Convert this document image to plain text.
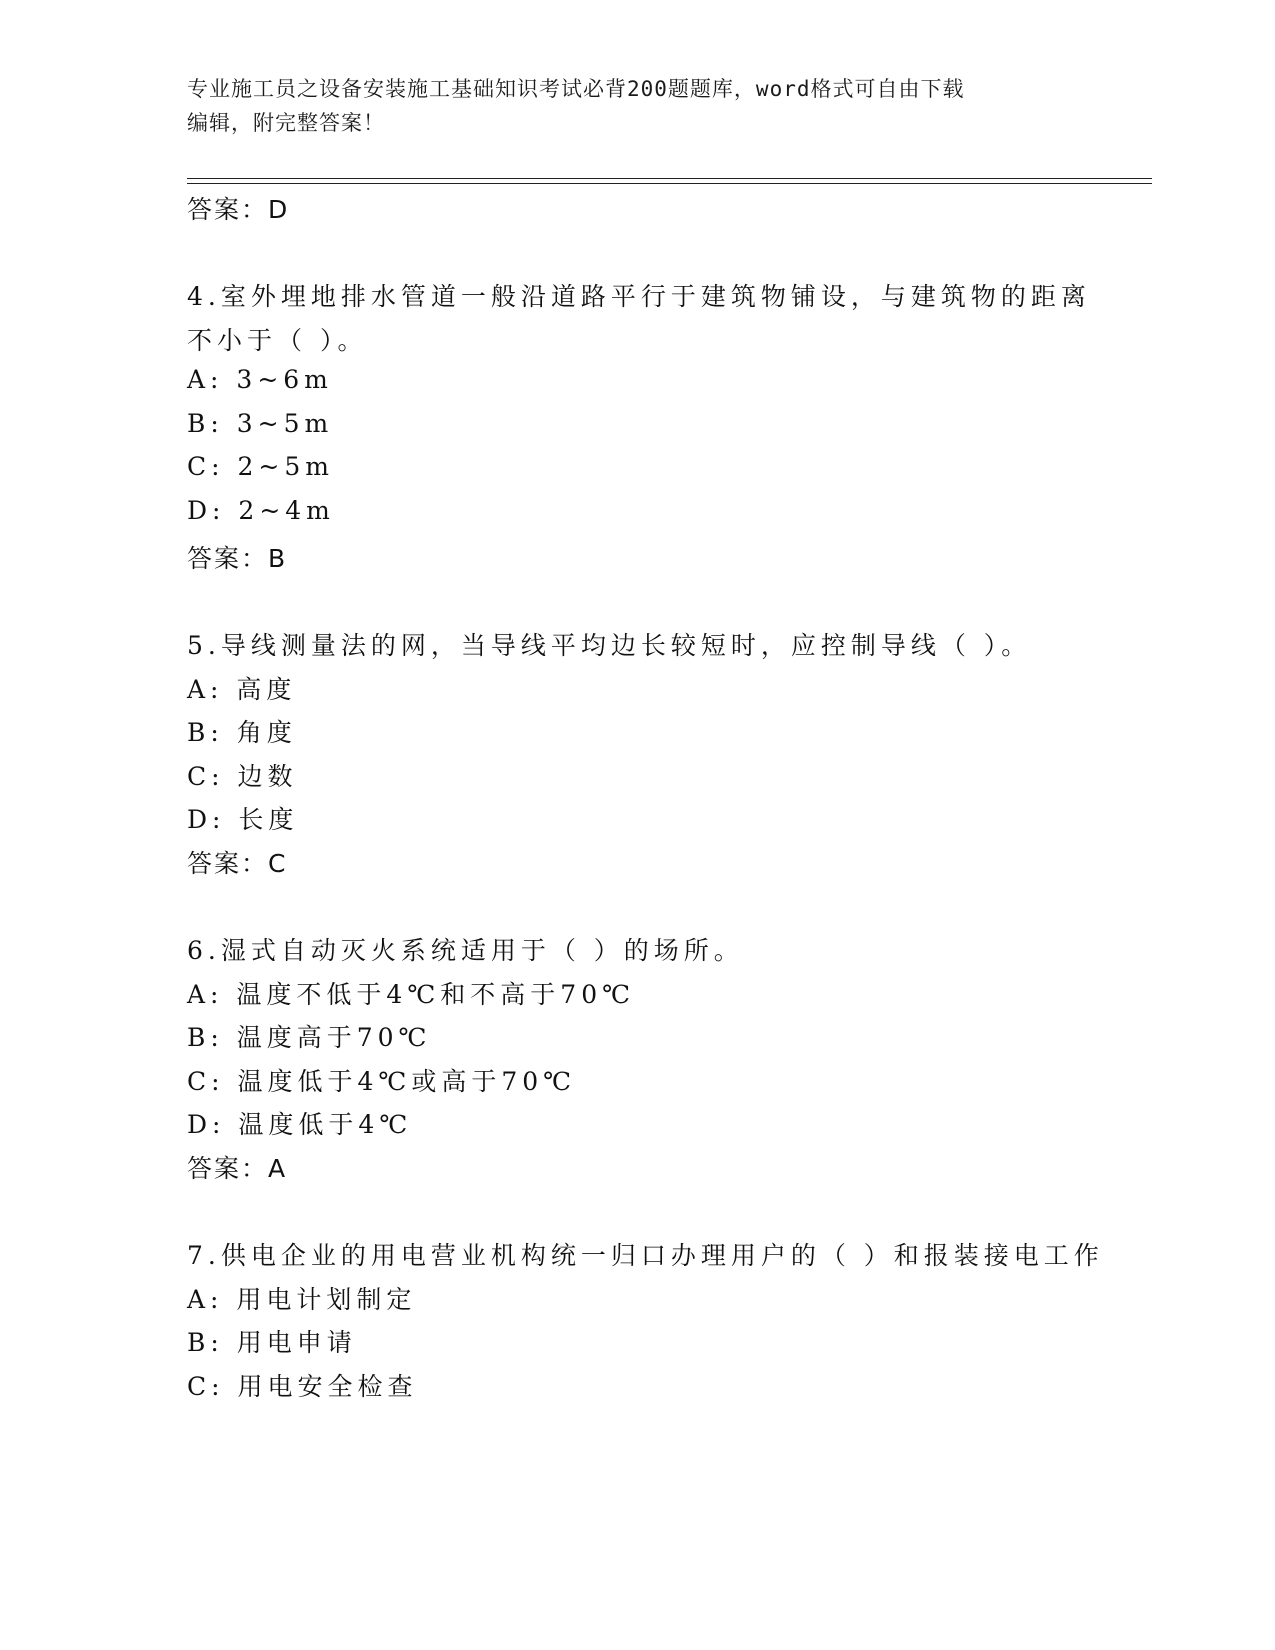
专业施工员之设备安装施工基础知识考试必背200题题库，word格式可自由下载
编辑，附完整答案！
答案：D
4.室外埋地排水管道一般沿道路平行于建筑物铺设，与建筑物的距离
不小于（ ）。
A: 3~6m
B: 3~5m
C: 2~5m
D: 2~4m
答案：B
5.导线测量法的网，当导线平均边长较短时，应控制导线（ ）。
A: 高度
B: 角度
C: 边数
D: 长度
答案：C
6.湿式自动灭火系统适用于（ ）的场所。
A: 温度不低于4℃和不高于70℃
B: 温度高于70℃
C: 温度低于4℃或高于70℃
D: 温度低于4℃
答案：A
7.供电企业的用电营业机构统一归口办理用户的（ ）和报装接电工作
A: 用电计划制定
B: 用电申请
C: 用电安全检查
